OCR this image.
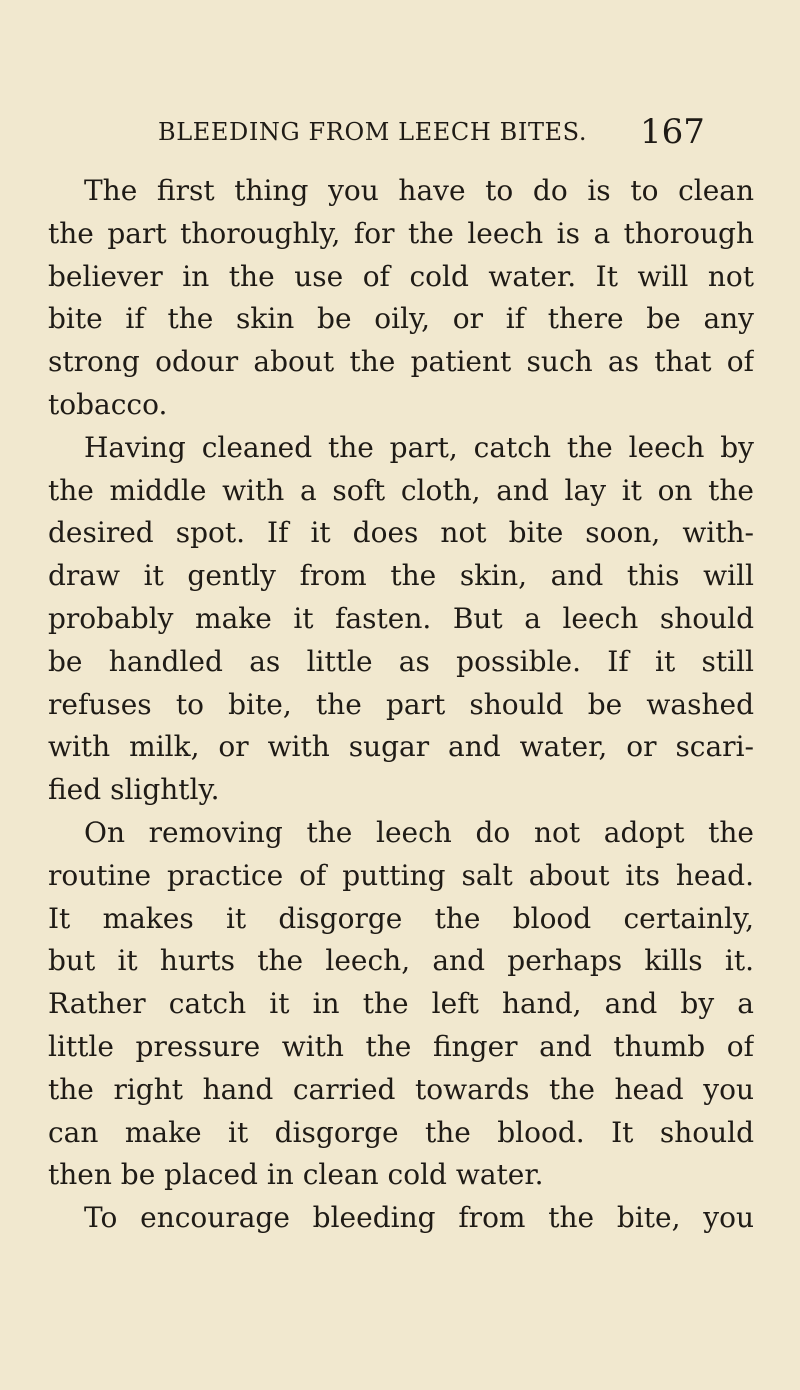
BLEEDING FROM LEECH BITES. 167
The first thing you have to do is to clean
the part thoroughly, for the leech is a thorough
believer in the use of cold water. It will not
bite if the skin be oily, or if there be any
strong odour about the patient such as that of
tobacco.
Having cleaned the part, catch the leech by
the middle with a soft cloth, and lay it on the
desired spot. If it does not bite soon, with-
draw it gently from the skin, and this will
probably make it fasten. But a leech should
be handled as little as possible. If it still
refuses to bite, the part should be washed
with milk, or with sugar and water, or scari-
fied slightly.
On removing the leech do not adopt the
routine practice of putting salt about its head.
It makes it disgorge the blood certainly,
but it hurts the leech, and perhaps kills it.
Rather catch it in the left hand, and by a
little pressure with the finger and thumb of
the right hand carried towards the head you
can make it disgorge the blood. It should
then be placed in clean cold water.
To encourage bleeding from the bite, you
